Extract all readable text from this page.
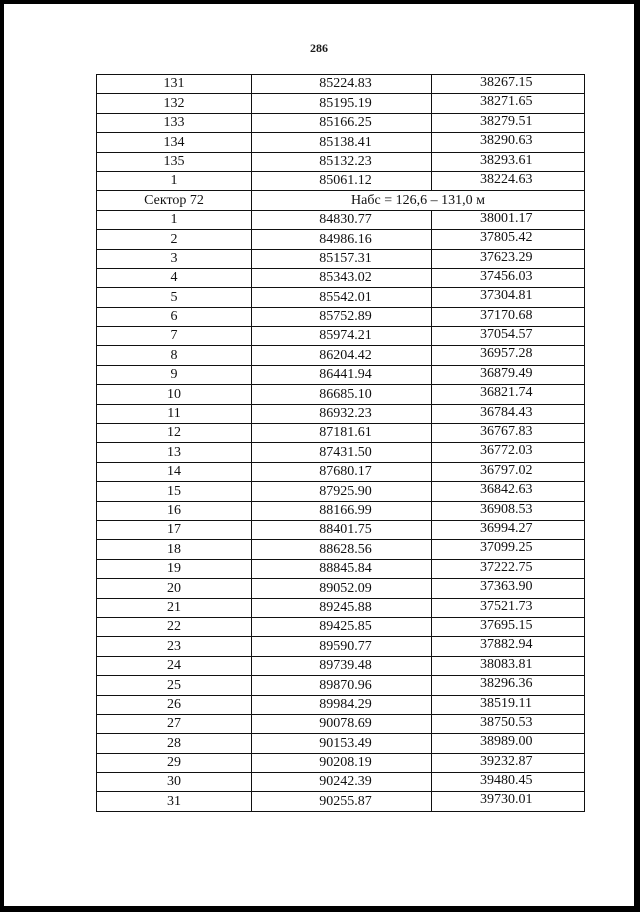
286
131	85224.83	38267.15
132	85195.19	38271.65
133	85166.25	38279.51
134	85138.41	38290.63
135	85132.23	38293.61
1	85061.12	38224.63
Сектор 72	Набс = 126,6 – 131,0 м	
1	84830.77	38001.17
2	84986.16	37805.42
3	85157.31	37623.29
4	85343.02	37456.03
5	85542.01	37304.81
6	85752.89	37170.68
7	85974.21	37054.57
8	86204.42	36957.28
9	86441.94	36879.49
10	86685.10	36821.74
11	86932.23	36784.43
12	87181.61	36767.83
13	87431.50	36772.03
14	87680.17	36797.02
15	87925.90	36842.63
16	88166.99	36908.53
17	88401.75	36994.27
18	88628.56	37099.25
19	88845.84	37222.75
20	89052.09	37363.90
21	89245.88	37521.73
22	89425.85	37695.15
23	89590.77	37882.94
24	89739.48	38083.81
25	89870.96	38296.36
26	89984.29	38519.11
27	90078.69	38750.53
28	90153.49	38989.00
29	90208.19	39232.87
30	90242.39	39480.45
31	90255.87	39730.01
